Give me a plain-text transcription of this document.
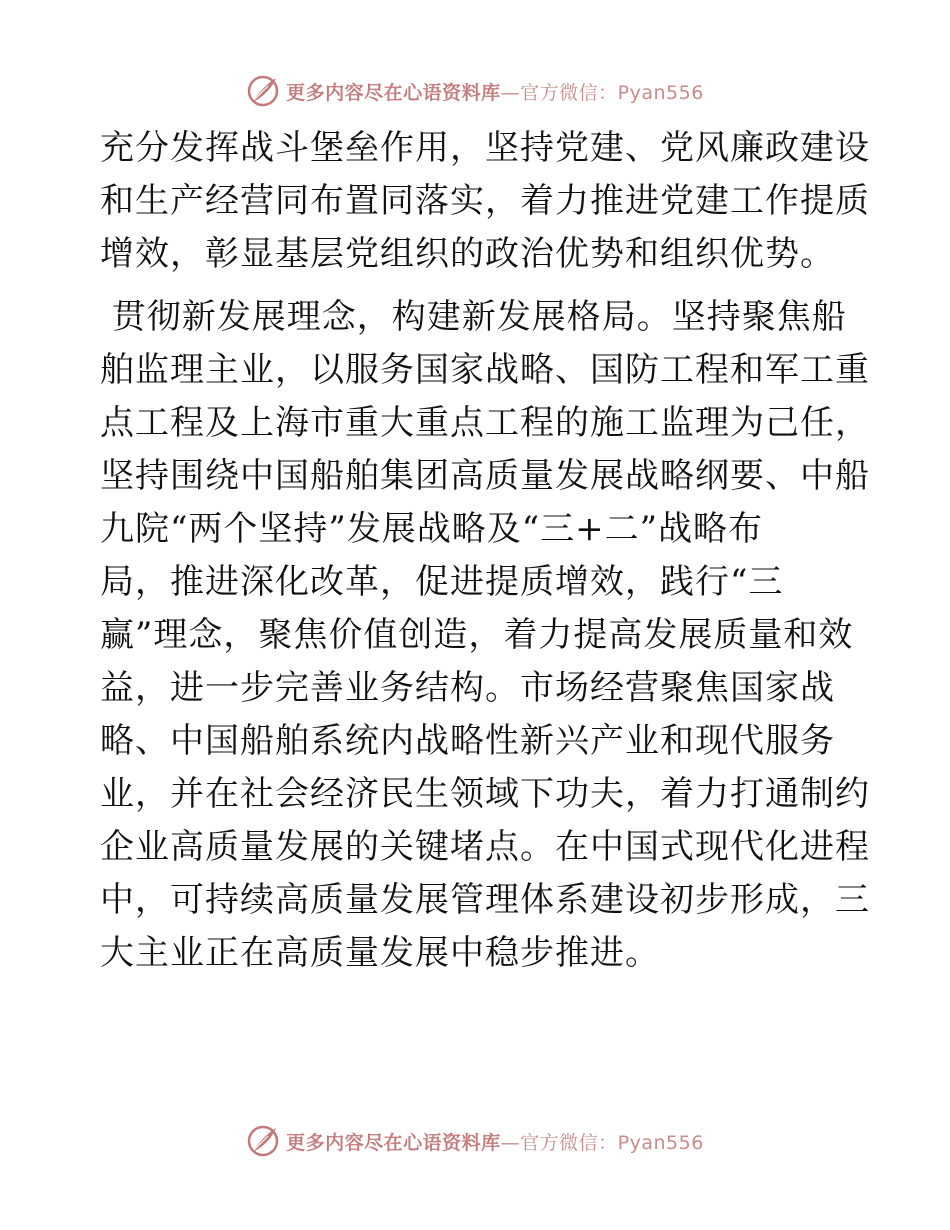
更多内容尽在心语资料库—官方微信：Pyan556
充分发挥战斗堡垒作用，坚持党建、党风廉政建设
和生产经营同布置同落实，着力推进党建工作提质
增效，彰显基层党组织的政治优势和组织优势。
贯彻新发展理念，构建新发展格局。坚持聚焦船
舶监理主业，以服务国家战略、国防工程和军工重
点工程及上海市重大重点工程的施工监理为己任，
坚持围绕中国船舶集团高质量发展战略纲要、中船
九院“两个坚持”发展战略及“三+二”战略布
局，推进深化改革，促进提质增效，践行“三
赢”理念，聚焦价值创造，着力提高发展质量和效
益，进一步完善业务结构。市场经营聚焦国家战
略、中国船舶系统内战略性新兴产业和现代服务
业，并在社会经济民生领域下功夫，着力打通制约
企业高质量发展的关键堵点。在中国式现代化进程
中，可持续高质量发展管理体系建设初步形成，三
大主业正在高质量发展中稳步推进。
更多内容尽在心语资料库—官方微信：Pyan556
